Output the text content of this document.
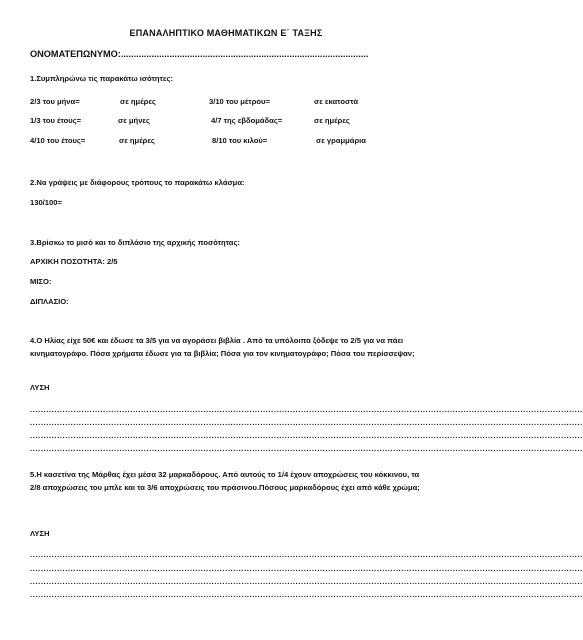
ΕΠΑΝΑΛΗΠΤΙΚΟ ΜΑΘΗΜΑΤΙΚΩΝ Ε΄ ΤΑΞΗΣ
ΟΝΟΜΑΤΕΠΩΝΥΜΟ:.................................................................................................
1.Συμπληρώνω τις παρακάτω ισότητες:
2/3 του μήνα=	σε ημέρες	3/10 του μέτρου=	σε εκατοστά
1/3 του έτους=	σε μήνες	4/7 της εβδομάδας=	σε ημέρες
4/10 του έτους=	σε ημέρες	8/10 του κιλού=	σε γραμμάρια
2.Να γράψεις με διάφορους τρόπους το παρακάτω κλάσμα:
130/100=
3.Βρίσκω το μισό και το διπλάσιο της αρχικής ποσότητας:
ΑΡΧΙΚΗ ΠΟΣΟΤΗΤΑ: 2/5
ΜΙΣΟ:
ΔΙΠΛΑΣΙΟ:
4.Ο Ηλίας είχε 50€ και έδωσε τα 3/5 για να αγοράσει βιβλία . Από τα υπόλοιπα ξόδεψε το 2/5 για να πάει κινηματογράφο. Πόσα χρήματα έδωσε για τα βιβλία; Πόσα για τον κινηματογράφο; Πόσα του περίσσεψαν;
ΛΥΣΗ
............................................................................................................................................................................................................
............................................................................................................................................................................................................
............................................................................................................................................................................................................
............................................................................................................................................................................................................
5.Η κασετίνα της Μάρθας έχει μέσα 32 μαρκαδόρους. Από αυτούς το 1/4 έχουν αποχρώσεις του κόκκινου, τα 2/8 αποχρώσεις του μπλε και τα 3/6 αποχρώσεις του πράσινου.Πόσους μαρκαδόρους έχει από κάθε χρώμα;
ΛΥΣΗ
............................................................................................................................................................................................................
............................................................................................................................................................................................................
............................................................................................................................................................................................................
............................................................................................................................................................................................................
